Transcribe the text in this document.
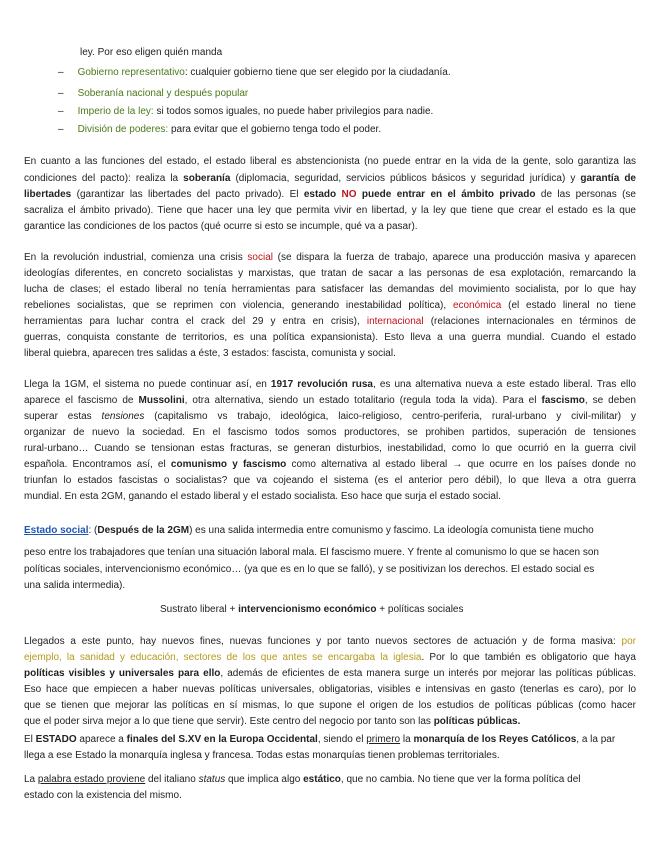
ley. Por eso eligen quién manda
– Gobierno representativo: cualquier gobierno tiene que ser elegido por la ciudadanía.
– Soberanía nacional y después popular
– Imperio de la ley: si todos somos iguales, no puede haber privilegios para nadie.
– División de poderes: para evitar que el gobierno tenga todo el poder.
En cuanto a las funciones del estado, el estado liberal es abstencionista (no puede entrar en la vida de la gente, solo garantiza las
condiciones del pacto): realiza la soberanía (diplomacia, seguridad, servicios públicos básicos y seguridad jurídica) y garantía de
libertades (garantizar las libertades del pacto privado). El estado NO puede entrar en el ámbito privado de las personas (se
sacraliza el ámbito privado). Tiene que hacer una ley que permita vivir en libertad, y la ley que tiene que crear el estado es la que
garantice las condiciones de los pactos (qué ocurre si esto se incumple, qué va a pasar).
En la revolución industrial, comienza una crisis social (se dispara la fuerza de trabajo, aparece una producción masiva y aparecen
ideologías diferentes, en concreto socialistas y marxistas, que tratan de sacar a las personas de esa explotación, remarcando la
lucha de clases; el estado liberal no tenía herramientas para satisfacer las demandas del movimiento socialista, por lo que hay
rebeliones socialistas, que se reprimen con violencia, generando inestabilidad política), económica (el estado lineral no tiene
herramientas para luchar contra el crack del 29 y entra en crisis), internacional (relaciones internacionales en términos de
guerras, conquista constante de territorios, es una política expansionista). Esto lleva a una guerra mundial. Cuando el estado
liberal quiebra, aparecen tres salidas a éste, 3 estados: fascista, comunista y social.
Llega la 1GM, el sistema no puede continuar así, en 1917 revolución rusa, es una alternativa nueva a este estado liberal. Tras ello
aparece el fascismo de Mussolini, otra alternativa, siendo un estado totalitario (regula toda la vida). Para el fascismo, se deben
superar estas tensiones (capitalismo vs trabajo, ideológica, laico-religioso, centro-periferia, rural-urbano y civil-militar) y
organizar de nuevo la sociedad. En el fascismo todos somos productores, se prohiben partidos, superación de tensiones
rural-urbano… Cuando se tensionan estas fracturas, se generan disturbios, inestabilidad, como lo que ocurrió en la guerra civil
española. Encontramos así, el comunismo y fascismo como alternativa al estado liberal → que ocurre en los países donde no
triunfan lo estados fascistas o socialistas? que va cojeando el sistema (es el anterior pero débil), lo que lleva a otra guerra
mundial. En esta 2GM, ganando el estado liberal y el estado socialista. Eso hace que surja el estado social.
Estado social: (Después de la 2GM) es una salida intermedia entre comunismo y fascimo. La ideología comunista tiene mucho
peso entre los trabajadores que tenían una situación laboral mala. El fascismo muere. Y frente al comunismo lo que se hacen son
políticas sociales, intervencionismo económico… (ya que es en lo que se falló), y se positivizan los derechos. El estado social es
una salida intermedia).
Sustrato liberal + intervencionismo económico + políticas sociales
Llegados a este punto, hay nuevos fines, nuevas funciones y por tanto nuevos sectores de actuación y de forma masiva: por
ejemplo, la sanidad y educación, sectores de los que antes se encargaba la iglesia. Por lo que también es obligatorio que haya
políticas visibles y universales para ello, además de eficientes de esta manera surge un interés por mejorar las políticas públicas.
Eso hace que empiecen a haber nuevas políticas universales, obligatorias, visibles e intensivas en gasto (tenerlas es caro), por lo
que se tienen que mejorar las políticas en sí mismas, lo que supone el origen de los estudios de políticas públicas (como hacer
que el poder sirva mejor a lo que tiene que servir). Este centro del negocio por tanto son las políticas públicas.
El ESTADO aparece a finales del S.XV en la Europa Occidental, siendo el primero la monarquía de los Reyes Católicos, a la par
llega a ese Estado la monarquía inglesa y francesa. Todas estas monarquías tienen problemas territoriales.
La palabra estado proviene del italiano status que implica algo estático, que no cambia. No tiene que ver la forma política del
estado con la existencia del mismo.
